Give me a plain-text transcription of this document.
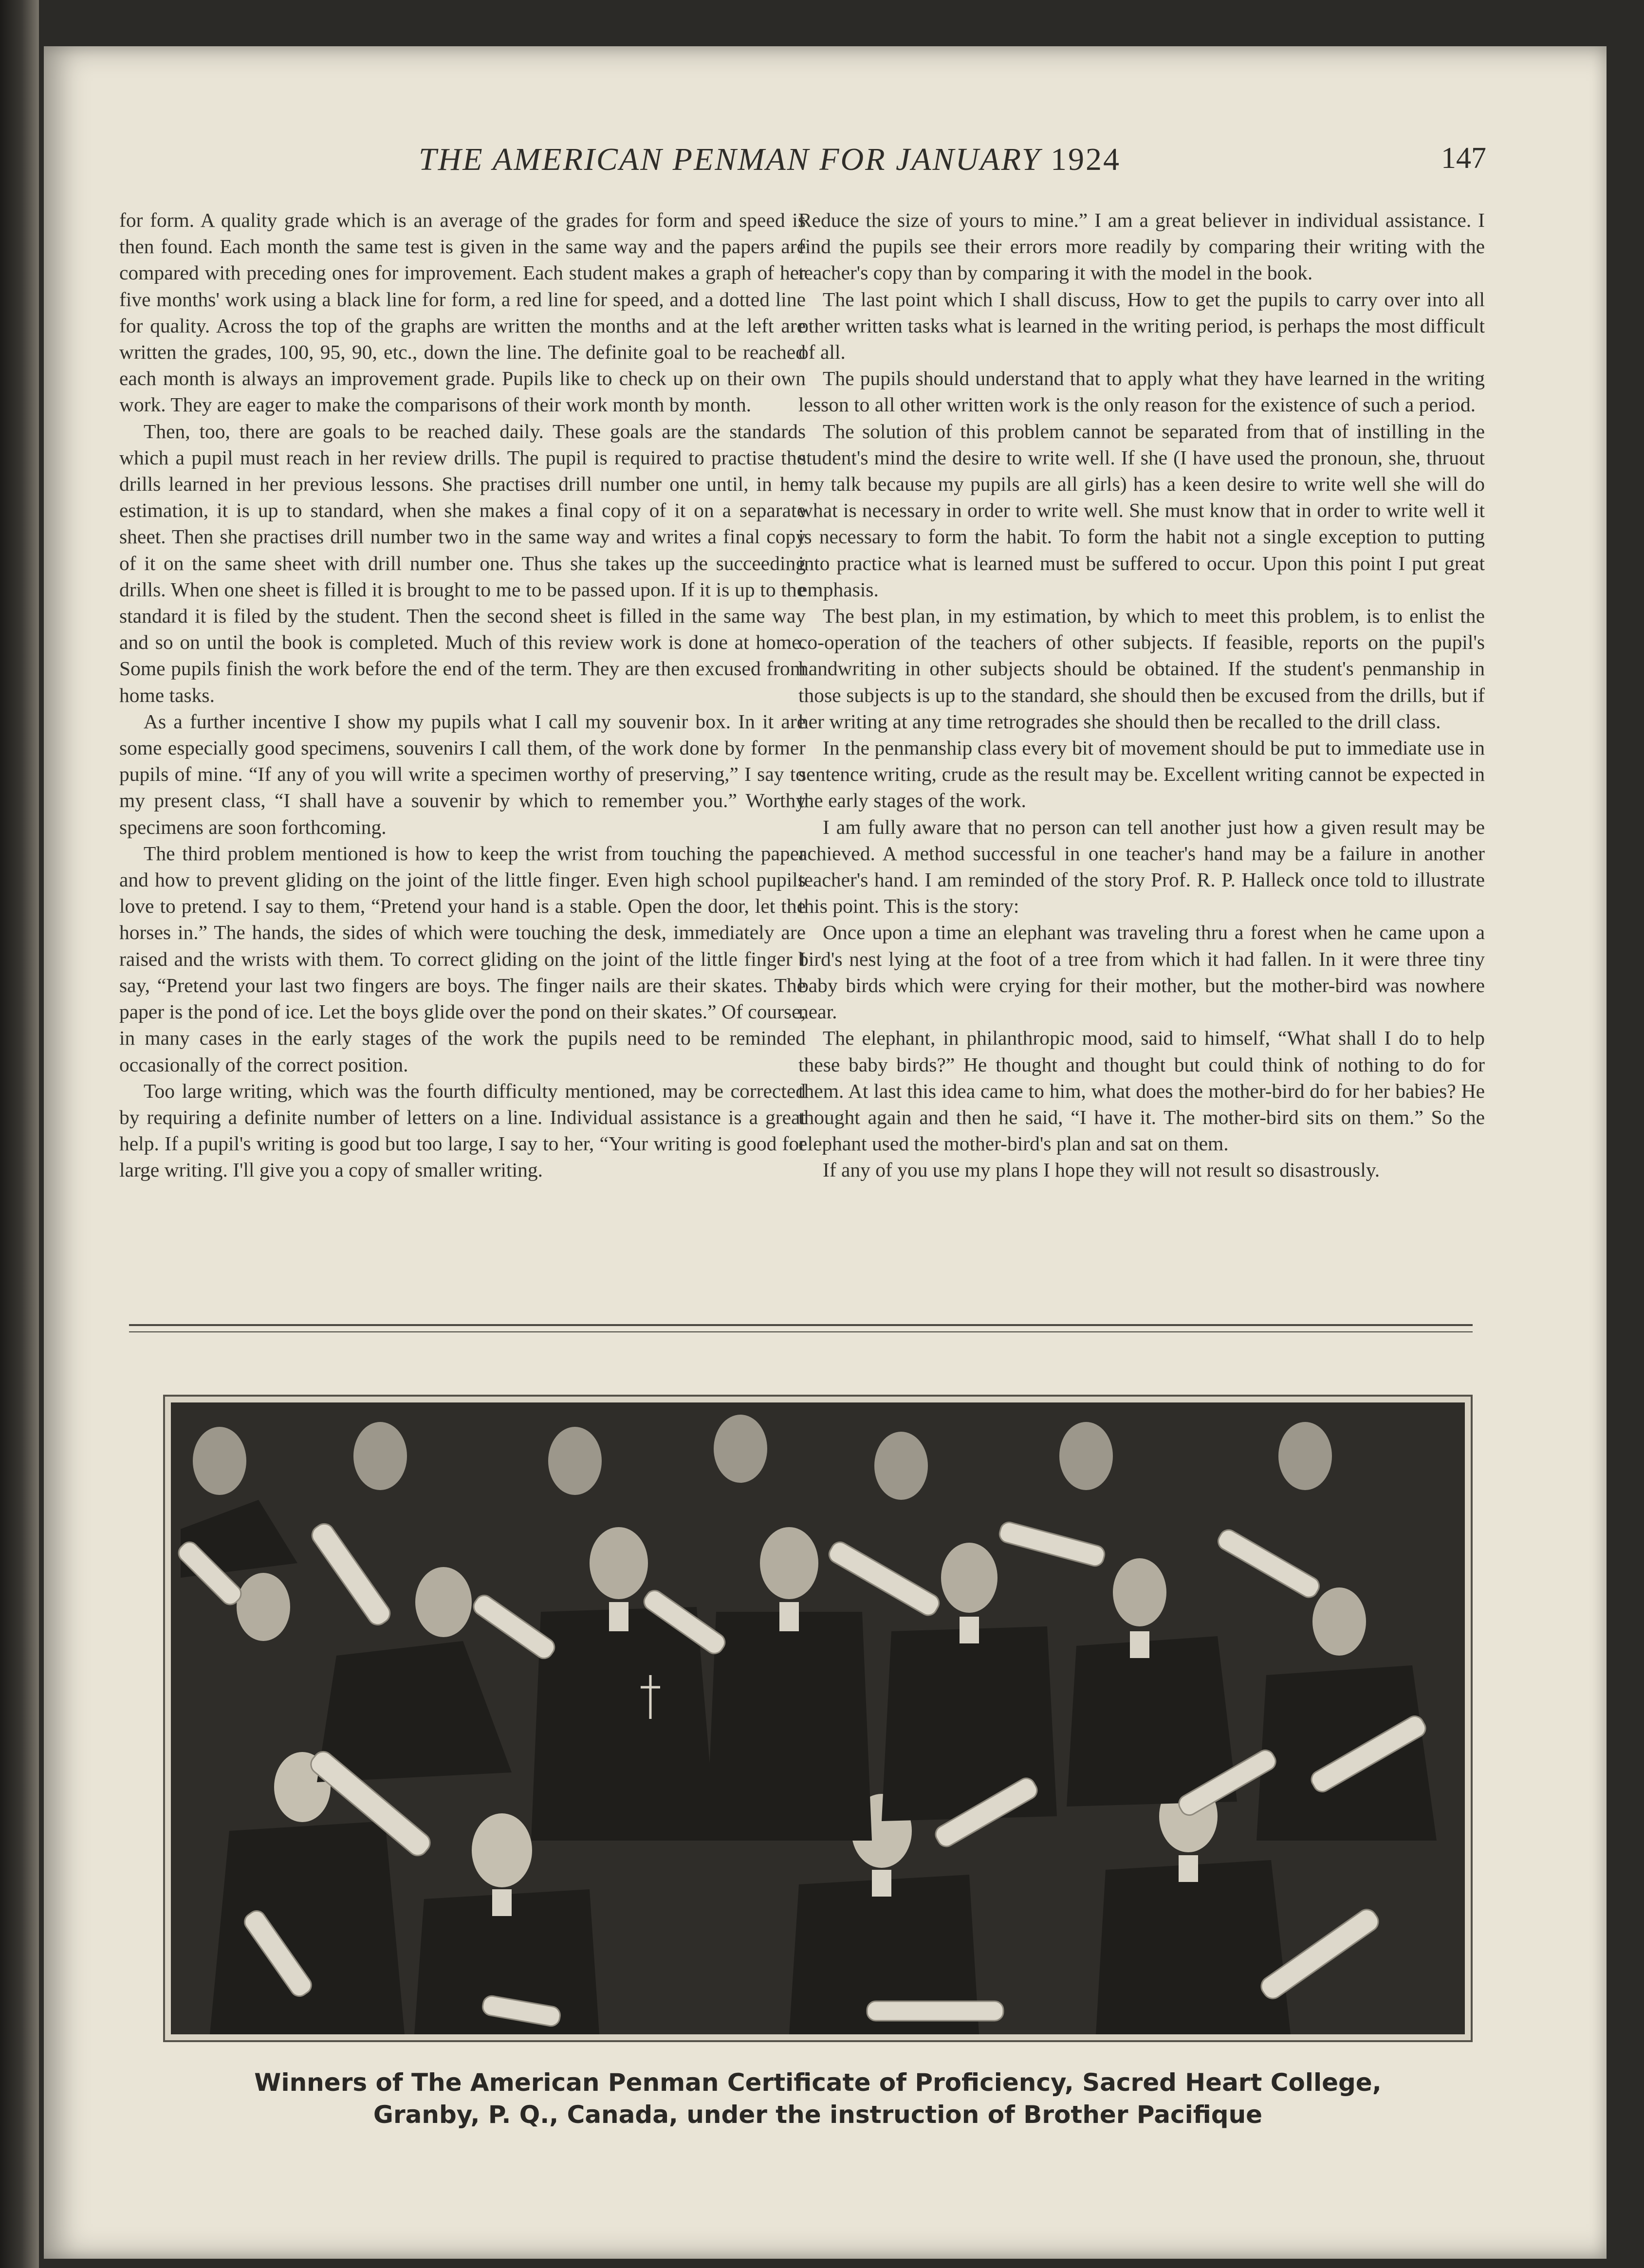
THE AMERICAN PENMAN FOR JANUARY 1924	147

for form. A quality grade which is an average of the grades for form and speed is then found. Each month the same test is given in the same way and the papers are compared with preceding ones for improvement. Each student makes a graph of her five months' work using a black line for form, a red line for speed, and a dotted line for quality. Across the top of the graphs are written the months and at the left are written the grades, 100, 95, 90, etc., down the line. The definite goal to be reached each month is always an improvement grade. Pupils like to check up on their own work. They are eager to make the comparisons of their work month by month.

Then, too, there are goals to be reached daily. These goals are the standards which a pupil must reach in her review drills. The pupil is required to practise the drills learned in her previous lessons. She practises drill number one until, in her estimation, it is up to standard, when she makes a final copy of it on a separate sheet. Then she practises drill number two in the same way and writes a final copy of it on the same sheet with drill number one. Thus she takes up the succeeding drills. When one sheet is filled it is brought to me to be passed upon. If it is up to the standard it is filed by the student. Then the second sheet is filled in the same way and so on until the book is completed. Much of this review work is done at home. Some pupils finish the work before the end of the term. They are then excused from home tasks.

As a further incentive I show my pupils what I call my souvenir box. In it are some especially good specimens, souvenirs I call them, of the work done by former pupils of mine. “If any of you will write a specimen worthy of preserving,” I say to my present class, “I shall have a souvenir by which to remember you.” Worthy specimens are soon forthcoming.

The third problem mentioned is how to keep the wrist from touching the paper and how to prevent gliding on the joint of the little finger. Even high school pupils love to pretend. I say to them, “Pretend your hand is a stable. Open the door, let the horses in.” The hands, the sides of which were touching the desk, immediately are raised and the wrists with them. To correct gliding on the joint of the little finger I say, “Pretend your last two fingers are boys. The finger nails are their skates. The paper is the pond of ice. Let the boys glide over the pond on their skates.” Of course, in many cases in the early stages of the work the pupils need to be reminded occasionally of the correct position.

Too large writing, which was the fourth difficulty mentioned, may be corrected by requiring a definite number of letters on a line. Individual assistance is a great help. If a pupil's writing is good but too large, I say to her, “Your writing is good for large writing. I'll give you a copy of smaller writing.

Reduce the size of yours to mine.” I am a great believer in individual assistance. I find the pupils see their errors more readily by comparing their writing with the teacher's copy than by comparing it with the model in the book.

The last point which I shall discuss, How to get the pupils to carry over into all other written tasks what is learned in the writing period, is perhaps the most difficult of all.

The pupils should understand that to apply what they have learned in the writing lesson to all other written work is the only reason for the existence of such a period.

The solution of this problem cannot be separated from that of instilling in the student's mind the desire to write well. If she (I have used the pronoun, she, thruout my talk because my pupils are all girls) has a keen desire to write well she will do what is necessary in order to write well. She must know that in order to write well it is necessary to form the habit. To form the habit not a single exception to putting into practice what is learned must be suffered to occur. Upon this point I put great emphasis.

The best plan, in my estimation, by which to meet this problem, is to enlist the co-operation of the teachers of other subjects. If feasible, reports on the pupil's handwriting in other subjects should be obtained. If the student's penmanship in those subjects is up to the standard, she should then be excused from the drills, but if her writing at any time retrogrades she should then be recalled to the drill class.

In the penmanship class every bit of movement should be put to immediate use in sentence writing, crude as the result may be. Excellent writing cannot be expected in the early stages of the work.

I am fully aware that no person can tell another just how a given result may be achieved. A method successful in one teacher's hand may be a failure in another teacher's hand. I am reminded of the story Prof. R. P. Halleck once told to illustrate this point. This is the story:

Once upon a time an elephant was traveling thru a forest when he came upon a bird's nest lying at the foot of a tree from which it had fallen. In it were three tiny baby birds which were crying for their mother, but the mother-bird was nowhere near.

The elephant, in philanthropic mood, said to himself, “What shall I do to help these baby birds?” He thought and thought but could think of nothing to do for them. At last this idea came to him, what does the mother-bird do for her babies? He thought again and then he said, “I have it. The mother-bird sits on them.” So the elephant used the mother-bird's plan and sat on them.

If any of you use my plans I hope they will not result so disastrously.

Winners of The American Penman Certificate of Proficiency, Sacred Heart College,
Granby, P. Q., Canada, under the instruction of Brother Pacifique
